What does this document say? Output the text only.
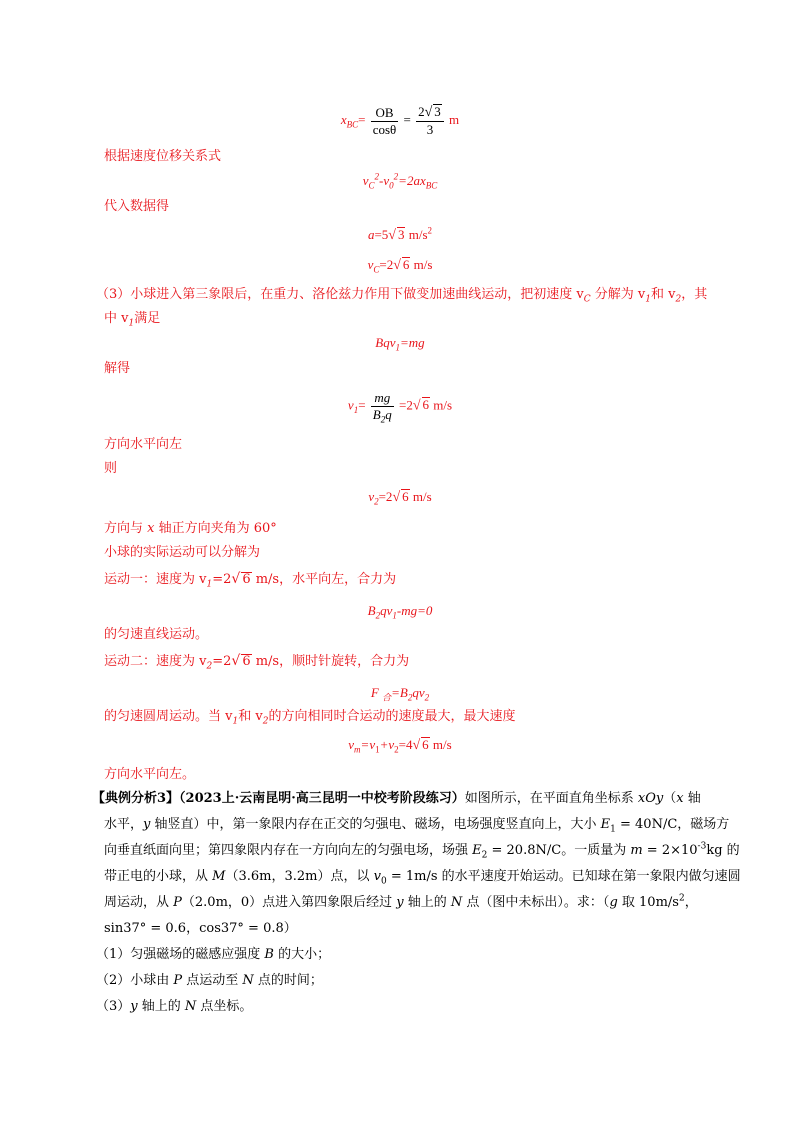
$x_{BC}= \frac{OB}{\cos\theta} = \frac{2√ 3}{3}$ m
根据速度位移关系式
$v_C^2-v_0^2=2ax_{BC}$
代入数据得
a=5√ 3 $m/s^2$
$v_C=2√$ 6 m/s
（3）小球进入第三象限后，在重力、洛伦兹力作用下做变加速曲线运动，把初速度 $v_C$ 分解为 $v_1$和 $v_2$，其
中 $v_1$满足
Bqv$_1$=mg
解得
$v_1= \frac{mg}{B_2q} =2√$ 6 m/s
方向水平向左
则
$v_2=2√$ 6 m/s
方向与 x 轴正方向夹角为 60°
小球的实际运动可以分解为
运动一：速度为 $v_1=2√$ 6 m/s，水平向左，合力为
$B_2qv_1-mg=0$
的匀速直线运动。
运动二：速度为 $v_2=2√$ 6 m/s，顺时针旋转，合力为
F $_合=B_2qv_2$
的匀速圆周运动。当 $v_1$和 $v_2$的方向相同时合运动的速度最大，最大速度
$v_m=v_1+v_2=4√$ 6 m/s
方向水平向左。
【典例分析3】（2023上·云南昆明·高三昆明一中校考阶段练习）如图所示，在平面直角坐标系 xOy（x 轴
水平，y 轴竖直）中，第一象限内存在正交的匀强电、磁场，电场强度竖直向上，大小 $E_1 = 40N/C$，磁场方
向垂直纸面向里；第四象限内存在一方向向左的匀强电场，场强 $E_2 = 20.8N/C$。一质量为 $m = 2\times 10^{-3}kg$ 的
带正电的小球，从 M（3.6m，3.2m）点，以 $v_0 = 1m/s$ 的水平速度开始运动。已知球在第一象限内做匀速圆
周运动，从 P（2.0m，0）点进入第四象限后经过 y 轴上的 N 点（图中未标出）。求：（g 取 $10m/s^2$，
sin37° = 0.6，cos37° = 0.8）
（1）匀强磁场的磁感应强度 B 的大小；
（2）小球由 P 点运动至 N 点的时间；
（3）y 轴上的 N 点坐标。
